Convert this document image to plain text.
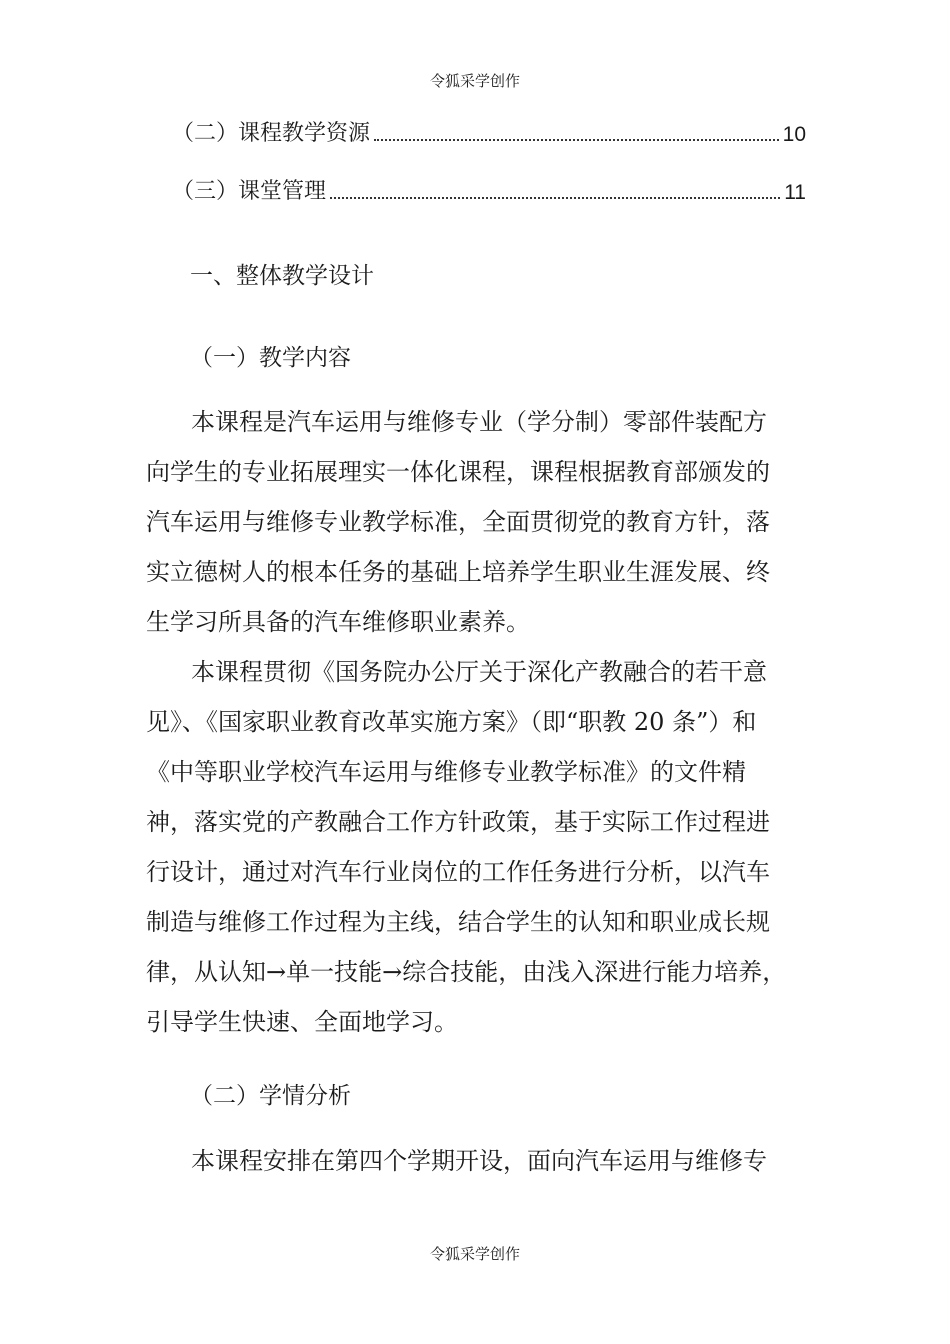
令狐采学创作
（二）课程教学资源	10
（三）课堂管理	11
一、整体教学设计
（一）教学内容
本课程是汽车运用与维修专业（学分制）零部件装配方
向学生的专业拓展理实一体化课程，课程根据教育部颁发的
汽车运用与维修专业教学标准，全面贯彻党的教育方针，落
实立德树人的根本任务的基础上培养学生职业生涯发展、终
生学习所具备的汽车维修职业素养。
本课程贯彻《国务院办公厅关于深化产教融合的若干意
见》、《国家职业教育改革实施方案》（即“职教 20 条”）和
《中等职业学校汽车运用与维修专业教学标准》的文件精
神，落实党的产教融合工作方针政策，基于实际工作过程进
行设计，通过对汽车行业岗位的工作任务进行分析，以汽车
制造与维修工作过程为主线，结合学生的认知和职业成长规
律，从认知→单一技能→综合技能，由浅入深进行能力培养，
引导学生快速、全面地学习。
（二）学情分析
本课程安排在第四个学期开设，面向汽车运用与维修专
令狐采学创作
